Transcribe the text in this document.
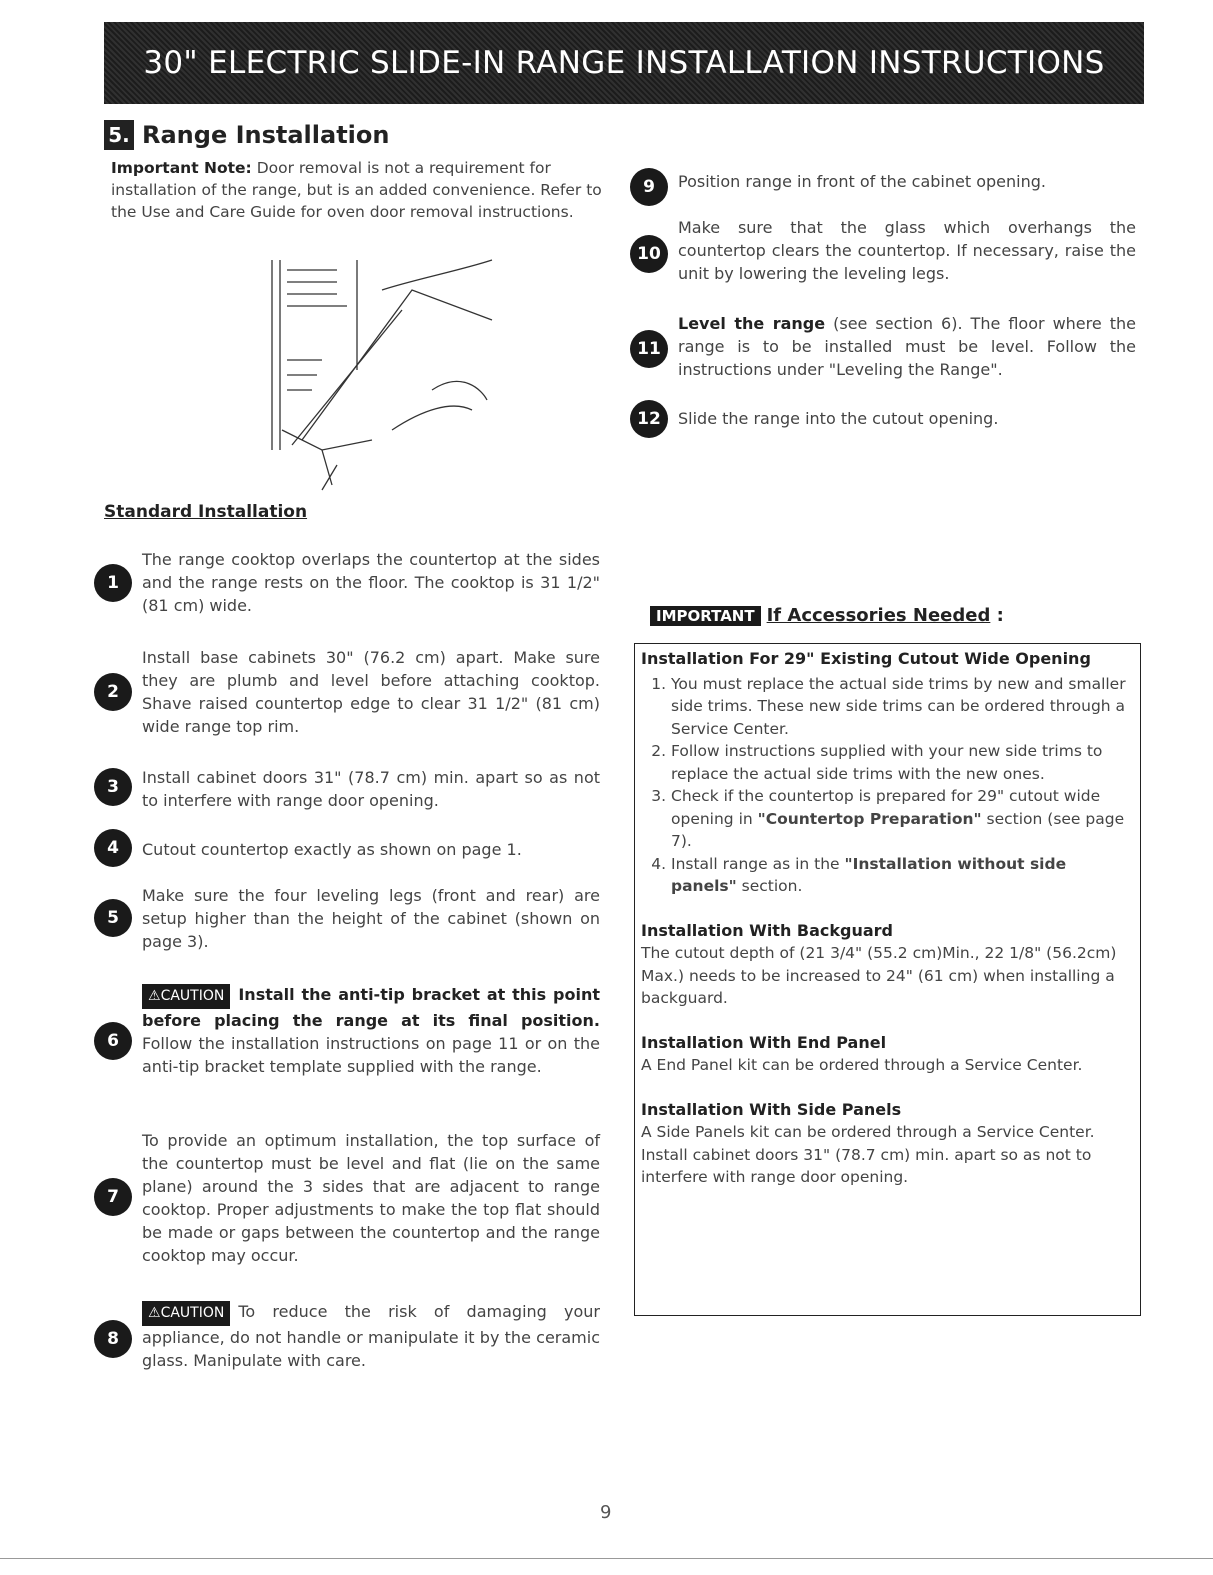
30" ELECTRIC SLIDE-IN RANGE INSTALLATION INSTRUCTIONS
5. Range Installation
Important Note: Door removal is not a requirement for installation of the range, but is an added convenience. Refer to the Use and Care Guide for oven door removal instructions.
Standard Installation
The range cooktop overlaps the countertop at the sides and the range rests on the floor. The cooktop is 31 1/2" (81 cm) wide.
1
Install base cabinets 30" (76.2 cm) apart. Make sure they are plumb and level before attaching cooktop. Shave raised countertop edge to clear 31 1/2" (81 cm) wide range top rim.
2
Install cabinet doors 31" (78.7 cm) min. apart so as not to interfere with range door opening.
3
Cutout countertop exactly as shown on page 1.
4
Make sure the four leveling legs (front and rear) are setup higher than the height of the cabinet (shown on page 3).
5
⚠CAUTION Install the anti-tip bracket at this point before placing the range at its final position. Follow the installation instructions on page 11 or on the anti-tip bracket template supplied with the range.
6
To provide an optimum installation, the top surface of the countertop must be level and flat (lie on the same plane) around the 3 sides that are adjacent to range cooktop. Proper adjustments to make the top flat should be made or gaps between the countertop and the range cooktop may occur.
7
⚠CAUTION To reduce the risk of damaging your appliance, do not handle or manipulate it by the ceramic glass. Manipulate with care.
8
Position range in front of the cabinet opening.
9
Make sure that the glass which overhangs the countertop clears the countertop. If necessary, raise the unit by lowering the leveling legs.
10
Level the range (see section 6). The floor where the range is to be installed must be level. Follow the instructions under "Leveling the Range".
11
Slide the range into the cutout opening.
12
IMPORTANT If Accessories Needed :
Installation For 29" Existing Cutout Wide Opening
1. You must replace the actual side trims by new and smaller side trims. These new side trims can be ordered through a Service Center.
2. Follow instructions supplied with your new side trims to replace the actual side trims with the new ones.
3. Check if the countertop is prepared for 29" cutout wide opening in "Countertop Preparation" section (see page 7).
4. Install range as in the "Installation without side panels" section.
Installation With Backguard

The cutout depth of (21 3/4" (55.2 cm)Min., 22 1/8" (56.2cm) Max.) needs to be increased to 24" (61 cm) when installing a backguard.

Installation With End Panel

A End Panel kit can be ordered through a Service Center.

Installation With Side Panels

A Side Panels kit can be ordered through a Service Center.

Install cabinet doors 31" (78.7 cm) min. apart so as not to interfere with range door opening.

9
